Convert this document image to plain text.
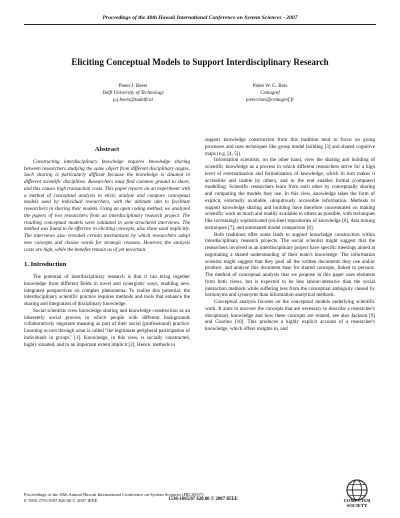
Proceedings of the 40th Hawaii International Conference on System Sciences - 2007
Eliciting Conceptual Models to Support Interdisciplinary Research
Pieter J. Beers
Delft University of Technology
p.j.beers@tudelft.nl
Pieter W. G. Bots
Cemagref
pieter.bots@cemagref.fr
Abstract

Constructing interdisciplinary knowledge requires knowledge sharing between researchers studying the same object from different disciplinary angles. Such sharing is particularly difficult because the knowledge is situated in different scientific disciplines. Researchers must find common ground to share, and this causes high transaction costs. This paper reports on an experiment with a method of conceptual analysis to elicit, analyze and compare conceptual models used by individual researchers, with the ultimate aim to facilitate researchers in sharing their models. Using an open coding method, we analyzed the papers of two researchers from an interdisciplinary research project. The resulting conceptual models were validated in semi-structured interviews. The method was found to be effective in eliciting concepts, also those used implicitly. The interviews also revealed certain mechanisms by which researchers adopt new concepts and choose words for strategic reasons. However, the analysis costs are high, while the benefits remain as of yet uncertain.

1. Introduction

The potential of interdisciplinary research is that it can bring together knowledge from different fields in novel and synergistic ways, enabling new, integrated perspectives on complex phenomena. To realise this potential, the interdisciplinary scientific practice requires methods and tools that enhance the sharing and integration of disciplinary knowledge.

Social scientists view knowledge sharing and knowledge construction as an inherently social process in which people with different backgrounds collaboratively negotiate meaning as part of their social (professional) practice. Learning occurs through what is called "the legitimate peripheral participation of individuals in groups" [1]. Knowledge, in this view, is socially constructed, highly situated, and to an important extent implicit [2]. Hence, methods to

support knowledge construction from this tradition tend to focus on group processes and uses techniques like group model building [3] and shared cognitive maps (e.g. [4, 5]).

Information scientists, on the other hand, view the sharing and building of scientific knowledge as a process in which different researchers strive for a high level of externalisation and formalisation of knowledge, which in turn makes it accessible and usable by others, and in the end enables formal (computer) modelling: Scientific researchers learn from each other by conceptually sharing and comparing the models they use. In this view, knowledge takes the form of explicit, externally available, ubiquitously accessible information. Methods to support knowledge sharing and building have therefore concentrated on making scientific work as much and readily available to others as possible, with techniques like increasingly sophisticated (on-line) repositories of knowledge [6], data mining techniques [7], and automated model comparison [8].

Both traditions offer some leads to support knowledge construction within interdisciplinary research projects. The social scientist might suggest that the researchers involved in an interdisciplinary project have specific meetings aimed at negotiating a shared understanding of their team's knowledge. The information scientist might suggest that they pool all the written documents they use and/or produce, and analyse this document base for shared concepts, linked to persons. The method of conceptual analysis that we propose in this paper uses elements from both views, but is expected to be less labour-intensive than the social interaction methods while suffering less from the conceptual ambiguity caused by homonyms and synonyms than information-analytical methods.

Conceptual analysis focuses on the conceptual models underlying scientific work. It aims to uncover the concepts that are necessary to describe a researcher's disciplinary knowledge and how these concepts are related, see also Jackson [9] and Guarino [10]. This produces a highly explicit account of a researcher's knowledge, which offers insights in, and

Proceedings of the 40th Annual Hawaii International Conference on System Sciences (HICSS'07)
0-7695-2755-8/07 $20.00 © 2007 IEEE	1530-1605/07 $20.00 © 2007 IEEE	COMPUTER
SOCIETY
